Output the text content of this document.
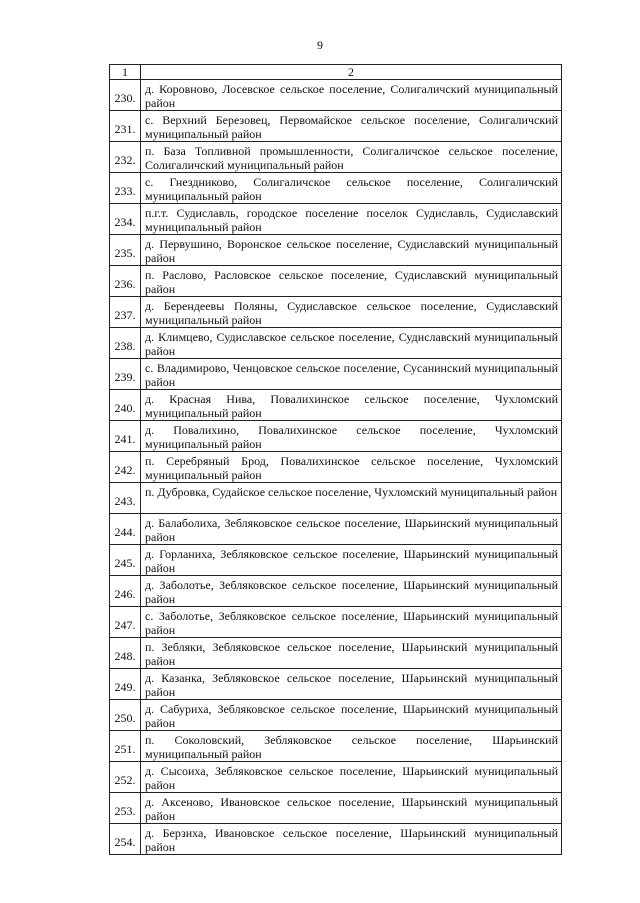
9
1	2
230.	д. Коровново, Лосевское сельское поселение, Солигаличский муниципальный район
231.	с. Верхний Березовец, Первомайское сельское поселение, Солигаличский муниципальный район
232.	п. База Топливной промышленности, Солигаличское сельское поселение, Солигаличский муниципальный район
233.	с. Гнездниково, Солигаличское сельское поселение, Солигаличский муниципальный район
234.	п.г.т. Судиславль, городское поселение поселок Судиславль, Судиславский муниципальный район
235.	д. Первушино, Воронское сельское поселение, Судиславский муниципальный район
236.	п. Раслово, Расловское сельское поселение, Судиславский муниципальный район
237.	д. Берендеевы Поляны, Судиславское сельское поселение, Судиславский муниципальный район
238.	д. Климцево, Судиславское сельское поселение, Судиславский муниципальный район
239.	с. Владимирово, Ченцовское сельское поселение, Сусанинский муниципальный район
240.	д. Красная Нива, Повалихинское сельское поселение, Чухломский муниципальный район
241.	д. Повалихино, Повалихинское сельское поселение, Чухломский муниципальный район
242.	п. Серебряный Брод, Повалихинское сельское поселение, Чухломский муниципальный район
243.	п. Дубровка, Судайское сельское поселение, Чухломский муниципальный район
244.	д. Балаболиха, Зебляковское сельское поселение, Шарьинский муниципальный район
245.	д. Горланиха, Зебляковское сельское поселение, Шарьинский муниципальный район
246.	д. Заболотье, Зебляковское сельское поселение, Шарьинский муниципальный район
247.	с. Заболотье, Зебляковское сельское поселение, Шарьинский муниципальный район
248.	п. Зебляки, Зебляковское сельское поселение, Шарьинский муниципальный район
249.	д. Казанка, Зебляковское сельское поселение, Шарьинский муниципальный район
250.	д. Сабуриха, Зебляковское сельское поселение, Шарьинский муниципальный район
251.	п. Соколовский, Зебляковское сельское поселение, Шарьинский муниципальный район
252.	д. Сысоиха, Зебляковское сельское поселение, Шарьинский муниципальный район
253.	д. Аксеново, Ивановское сельское поселение, Шарьинский муниципальный район
254.	д. Берзиха, Ивановское сельское поселение, Шарьинский муниципальный район
